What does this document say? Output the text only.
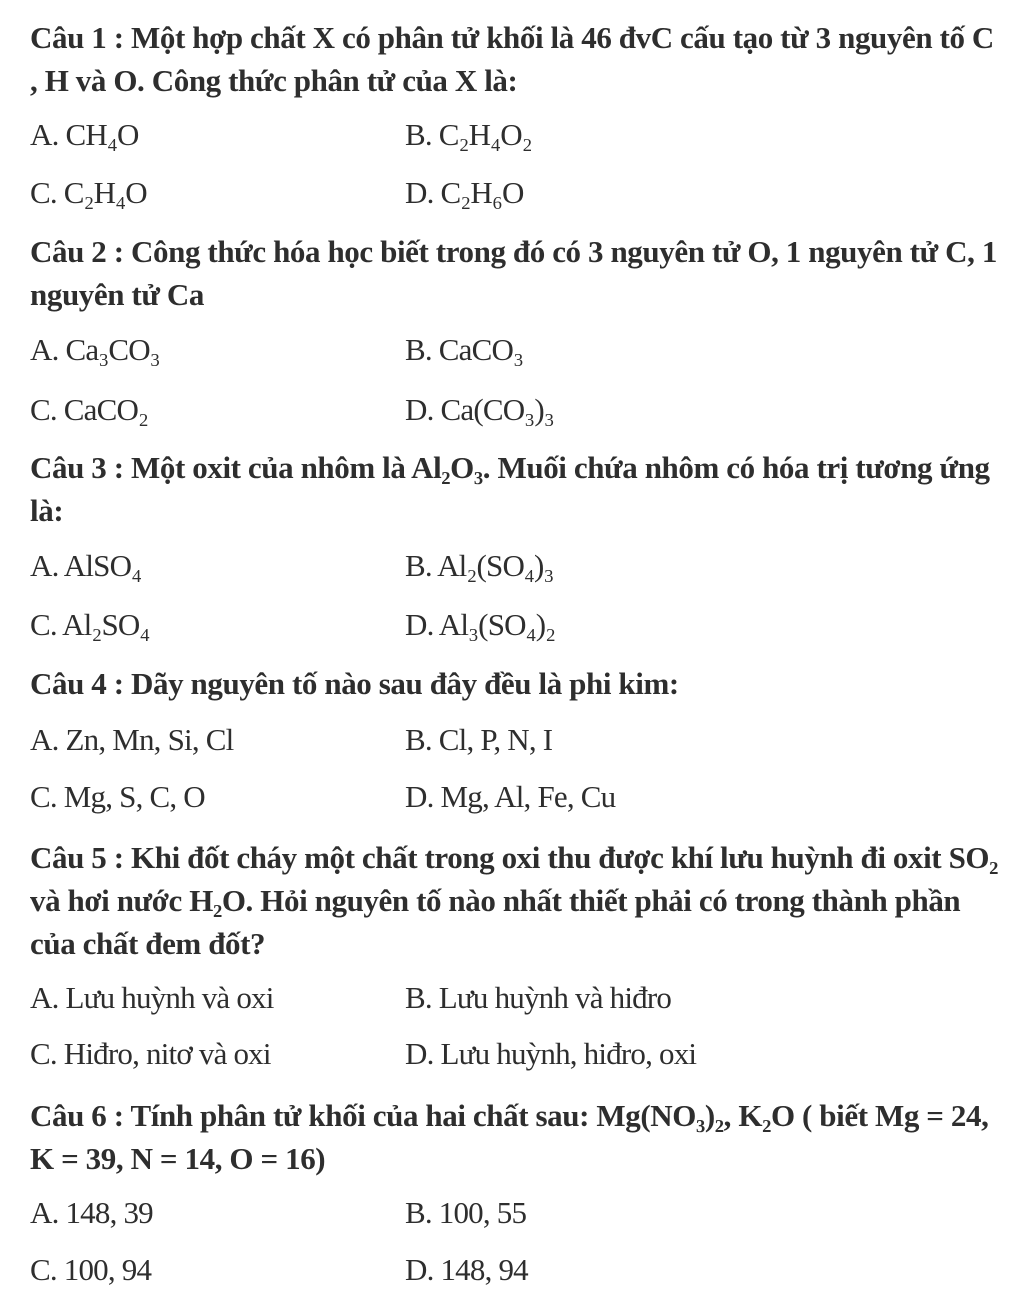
Câu 1 : Một hợp chất X có phân tử khối là 46 đvC cấu tạo từ 3 nguyên tố C , H và O. Công thức phân tử của X là:
A. CH₄O	B. C₂H₄O₂
C. C₂H₄O	D. C₂H₆O
Câu 2 : Công thức hóa học biết trong đó có 3 nguyên tử O, 1 nguyên tử C, 1 nguyên tử Ca
A. Ca₃CO₃	B. CaCO₃
C. CaCO₂	D. Ca(CO₃)₃
Câu 3 : Một oxit của nhôm là Al₂O₃. Muối chứa nhôm có hóa trị tương ứng là:
A. AlSO₄	B. Al₂(SO₄)₃
C. Al₂SO₄	D. Al₃(SO₄)₂
Câu 4 : Dãy nguyên tố nào sau đây đều là phi kim:
A. Zn, Mn, Si, Cl	B. Cl, P, N, I
C. Mg, S, C, O	D. Mg, Al, Fe, Cu
Câu 5 : Khi đốt cháy một chất trong oxi thu được khí lưu huỳnh đi oxit SO₂ và hơi nước H₂O. Hỏi nguyên tố nào nhất thiết phải có trong thành phần của chất đem đốt?
A. Lưu huỳnh và oxi	B. Lưu huỳnh và hiđro
C. Hiđro, nitơ và oxi	D. Lưu huỳnh, hiđro, oxi
Câu 6 : Tính phân tử khối của hai chất sau: Mg(NO₃)₂, K₂O ( biết Mg = 24, K = 39, N = 14, O = 16)
A. 148, 39	B. 100, 55
C. 100, 94	D. 148, 94
